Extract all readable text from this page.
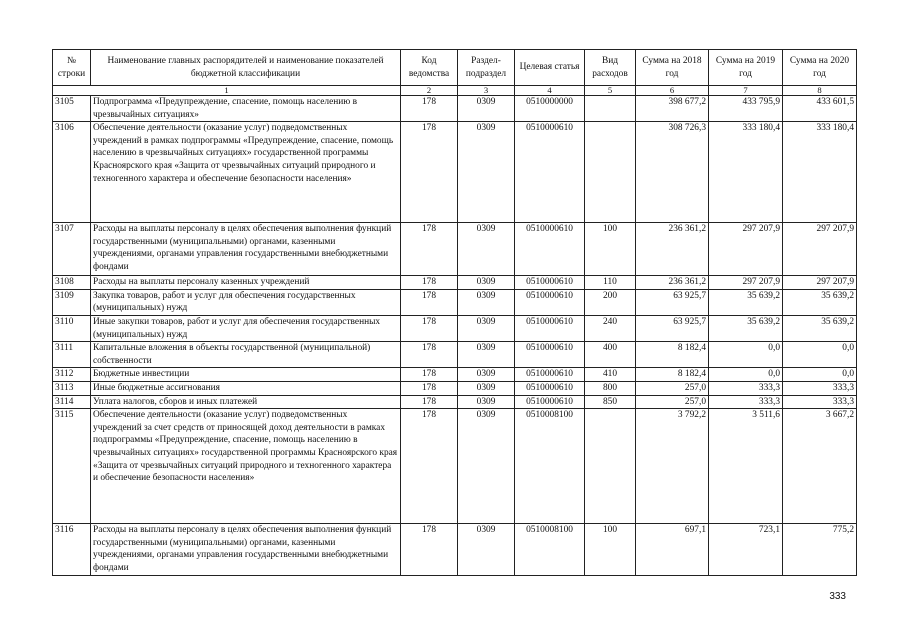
№ строки	Наименование главных распорядителей и наименование показателей бюджетной классификации	Код ведомства	Раздел- подраздел	Целевая статья	Вид расходов	Сумма на 2018 год	Сумма на 2019 год	Сумма на 2020 год
1		2	3	4	5	6	7	8
3105	Подпрограмма «Предупреждение, спасение, помощь населению в чрезвычайных ситуациях»	178	0309	0510000000		398 677,2	433 795,9	433 601,5
3106	Обеспечение деятельности (оказание услуг) подведомственных учреждений в рамках подпрограммы «Предупреждение, спасение, помощь населению в чрезвычайных ситуациях» государственной программы Красноярского края «Защита от чрезвычайных ситуаций природного и техногенного характера и обеспечение безопасности населения»	178	0309	0510000610		308 726,3	333 180,4	333 180,4
3107	Расходы на выплаты персоналу в целях обеспечения выполнения функций государственными (муниципальными) органами, казенными учреждениями, органами управления государственными внебюджетными фондами	178	0309	0510000610	100	236 361,2	297 207,9	297 207,9
3108	Расходы на выплаты персоналу казенных учреждений	178	0309	0510000610	110	236 361,2	297 207,9	297 207,9
3109	Закупка товаров, работ и услуг для обеспечения государственных (муниципальных) нужд	178	0309	0510000610	200	63 925,7	35 639,2	35 639,2
3110	Иные закупки товаров, работ и услуг для обеспечения государственных (муниципальных) нужд	178	0309	0510000610	240	63 925,7	35 639,2	35 639,2
3111	Капитальные вложения в объекты государственной (муниципальной) собственности	178	0309	0510000610	400	8 182,4	0,0	0,0
3112	Бюджетные инвестиции	178	0309	0510000610	410	8 182,4	0,0	0,0
3113	Иные бюджетные ассигнования	178	0309	0510000610	800	257,0	333,3	333,3
3114	Уплата налогов, сборов и иных платежей	178	0309	0510000610	850	257,0	333,3	333,3
3115	Обеспечение деятельности (оказание услуг) подведомственных учреждений за счет средств от приносящей доход деятельности в рамках подпрограммы «Предупреждение, спасение, помощь населению в чрезвычайных ситуациях» государственной программы Красноярского края «Защита от чрезвычайных ситуаций природного и техногенного характера и обеспечение безопасности населения»	178	0309	0510008100		3 792,2	3 511,6	3 667,2
3116	Расходы на выплаты персоналу в целях обеспечения выполнения функций государственными (муниципальными) органами, казенными учреждениями, органами управления государственными внебюджетными фондами	178	0309	0510008100	100	697,1	723,1	775,2
333
